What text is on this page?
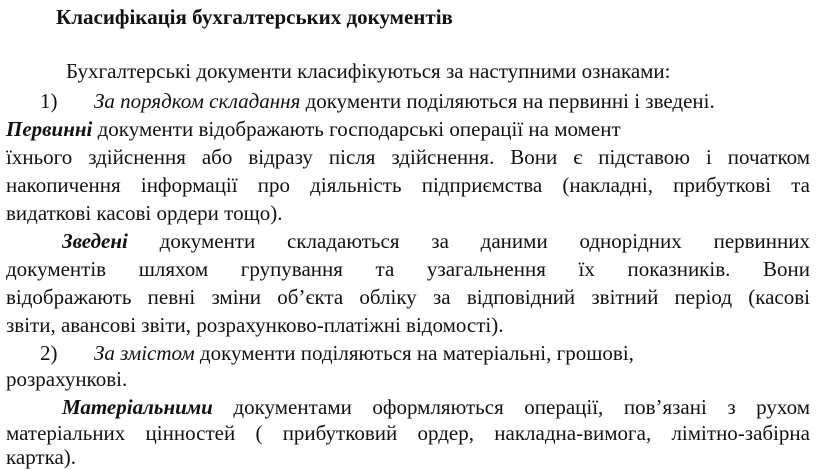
Класифікація бухгалтерських документів
Бухгалтерські документи класифікуються за наступними ознаками:
1) За порядком складання документи поділяються на первинні і зведені.
Первинні документи відображають господарські операції на момент
їхнього здійснення або відразу після здійснення. Вони є підставою і початком
накопичення інформації про діяльність підприємства (накладні, прибуткові та
видаткові касові ордери тощо).
Зведені документи складаються за даними однорідних первинних
документів шляхом групування та узагальнення їх показників. Вони
відображають певні зміни об’єкта обліку за відповідний звітний період (касові
звіти, авансові звіти, розрахунково-платіжні відомості).
2) За змістом документи поділяються на матеріальні, грошові,
розрахункові.
Матеріальними документами оформляються операції, пов’язані з рухом
матеріальних цінностей ( прибутковий ордер, накладна-вимога, лімітно-забірна
картка).
